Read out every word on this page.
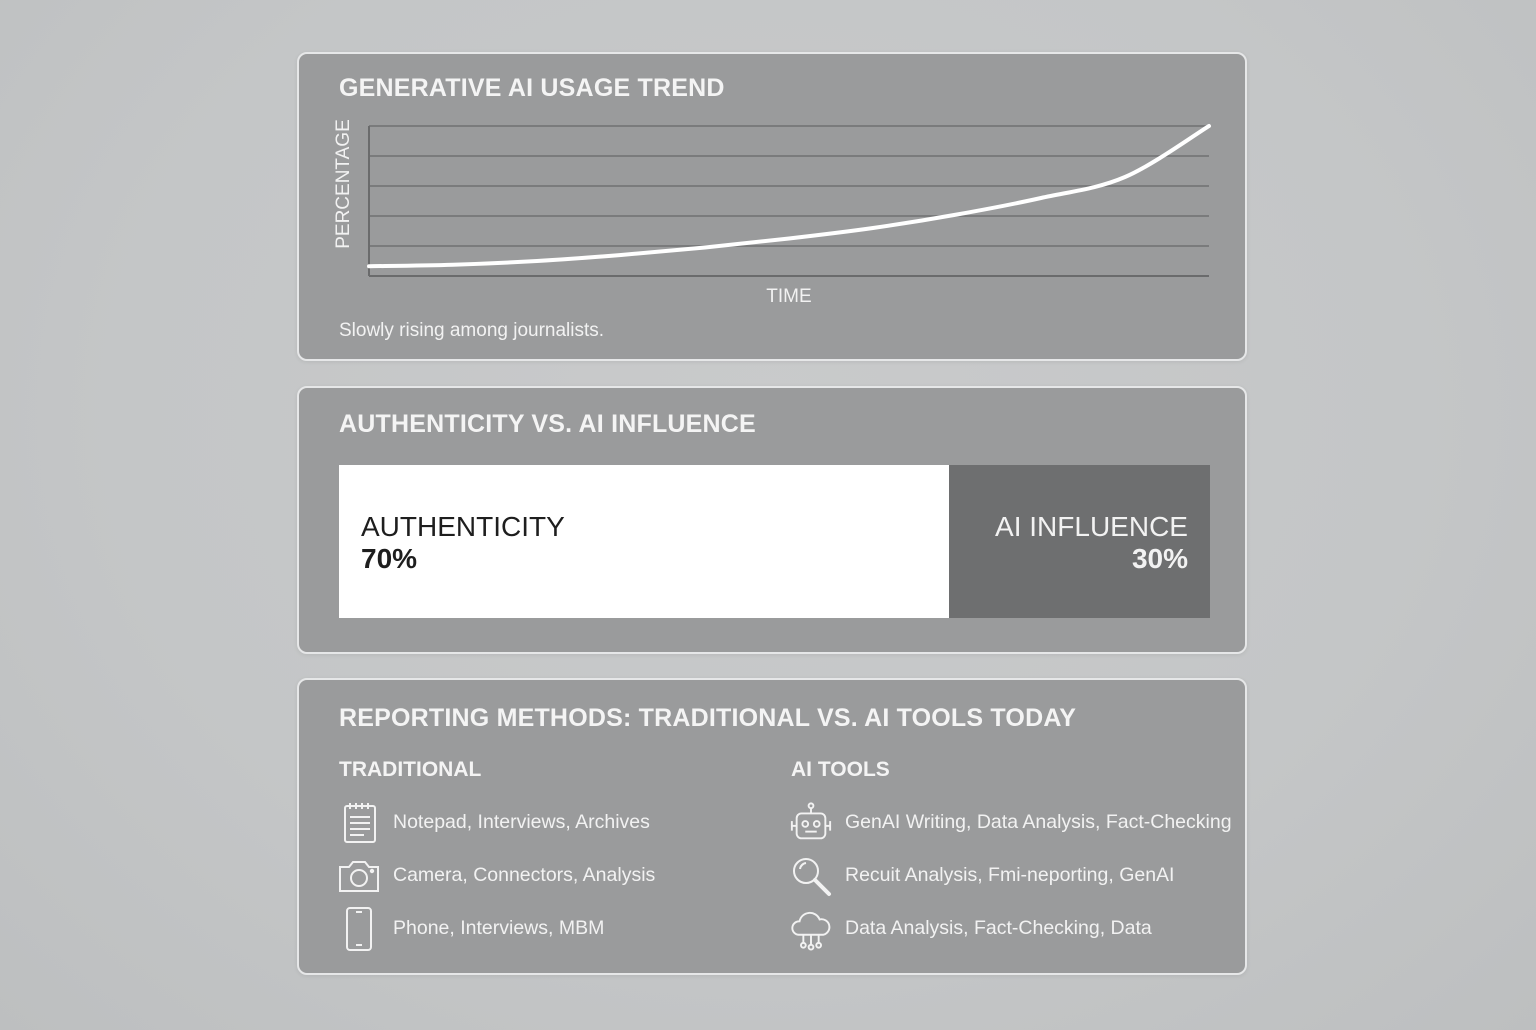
GENERATIVE AI USAGE TREND
PERCENTAGE
TIME
Slowly rising among journalists.
AUTHENTICITY VS. AI INFLUENCE
AUTHENTICITY
70%
AI INFLUENCE
30%
REPORTING METHODS: TRADITIONAL VS. AI TOOLS TODAY
TRADITIONAL
Notepad, Interviews, Archives
Camera, Connectors, Analysis
Phone, Interviews, MBM
AI TOOLS
GenAI Writing, Data Analysis, Fact-Checking
Recuit Analysis, Fmi-neporting, GenAI
Data Analysis, Fact-Checking, Data
